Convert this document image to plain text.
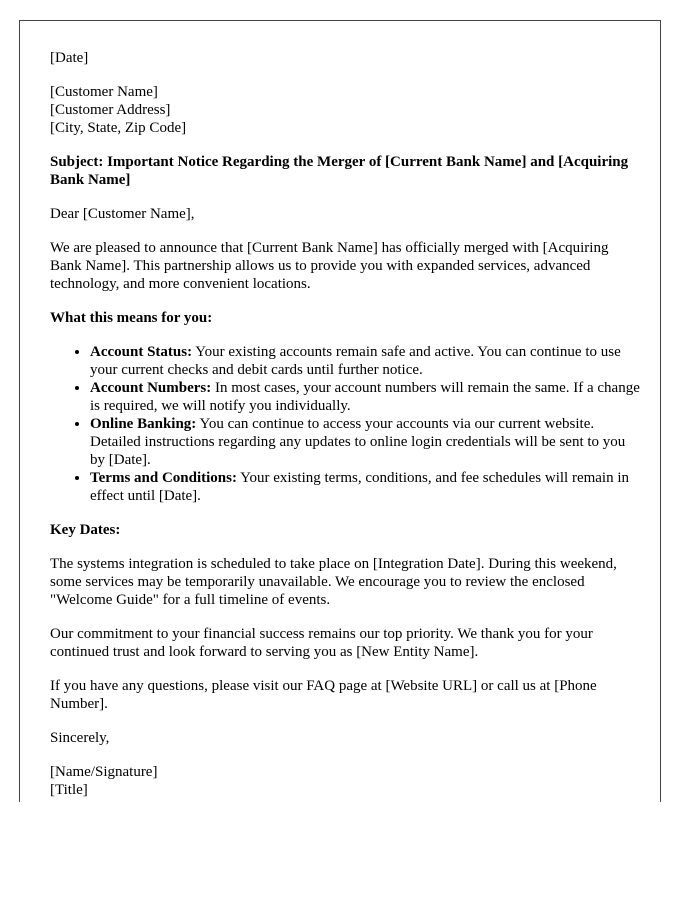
[Date]

[Customer Name]

[Customer Address]

[City, State, Zip Code]

Subject: Important Notice Regarding the Merger of [Current Bank Name] and [Acquiring Bank Name]

Dear [Customer Name],

We are pleased to announce that [Current Bank Name] has officially merged with [Acquiring Bank Name]. This partnership allows us to provide you with expanded services, advanced technology, and more convenient locations.

What this means for you:

• Account Status: Your existing accounts remain safe and active. You can continue to use your current checks and debit cards until further notice.
• Account Numbers: In most cases, your account numbers will remain the same. If a change is required, we will notify you individually.
• Online Banking: You can continue to access your accounts via our current website. Detailed instructions regarding any updates to online login credentials will be sent to you by [Date].
• Terms and Conditions: Your existing terms, conditions, and fee schedules will remain in effect until [Date].

Key Dates:

The systems integration is scheduled to take place on [Integration Date]. During this weekend, some services may be temporarily unavailable. We encourage you to review the enclosed "Welcome Guide" for a full timeline of events.

Our commitment to your financial success remains our top priority. We thank you for your continued trust and look forward to serving you as [New Entity Name].

If you have any questions, please visit our FAQ page at [Website URL] or call us at [Phone Number].

Sincerely,

[Name/Signature]

[Title]
